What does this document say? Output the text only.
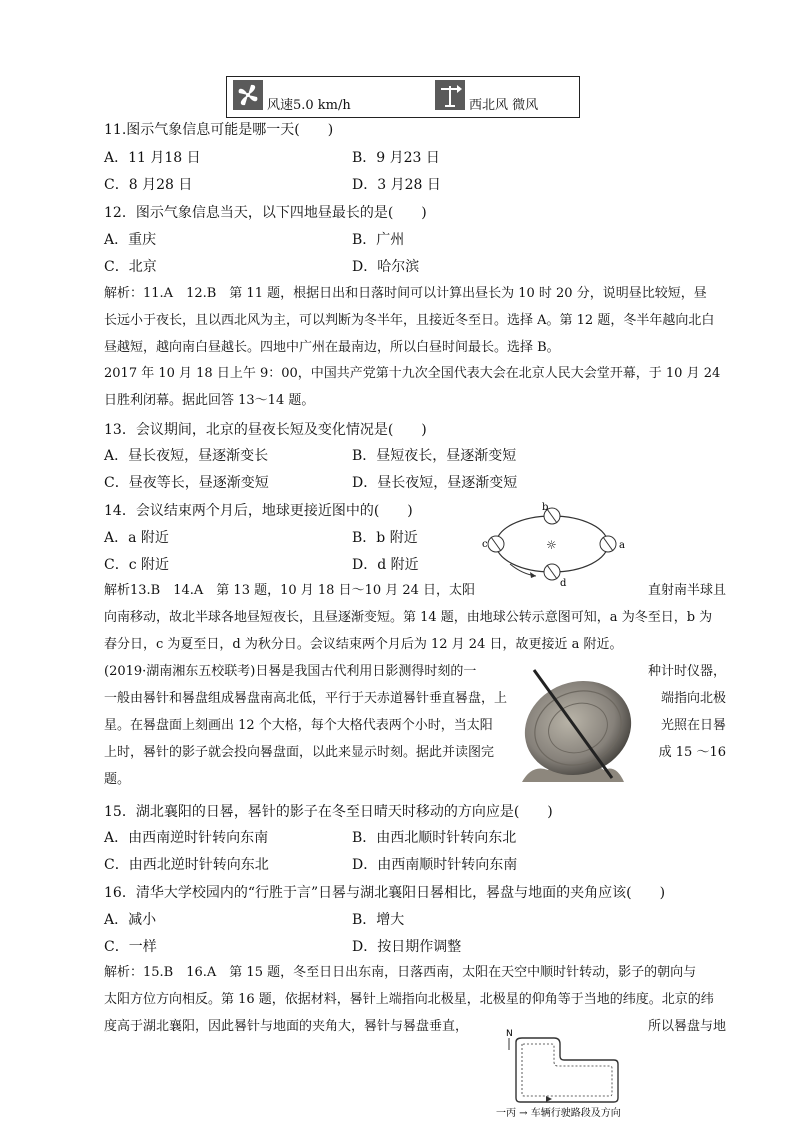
风速5.0 km/h	西北风 微风
11.图示气象信息可能是哪一天(　　)
A．11 月18 日	B．9 月23 日
C．8 月28 日	D．3 月28 日
12．图示气象信息当天，以下四地昼最长的是(　　)
A．重庆	B．广州
C．北京	D．哈尔滨
解析：11.A　12.B　第 11 题，根据日出和日落时间可以计算出昼长为 10 时 20 分，说明昼比较短，昼
长远小于夜长，且以西北风为主，可以判断为冬半年，且接近冬至日。选择 A。第 12 题，冬半年越向北白
昼越短，越向南白昼越长。四地中广州在最南边，所以白昼时间最长。选择 B。
2017 年 10 月 18 日上午 9：00，中国共产党第十九次全国代表大会在北京人民大会堂开幕，于 10 月 24
日胜利闭幕。据此回答 13～14 题。
13．会议期间，北京的昼夜长短及变化情况是(　　)
A．昼长夜短，昼逐渐变长	B．昼短夜长，昼逐渐变短
C．昼夜等长，昼逐渐变短	D．昼长夜短，昼逐渐变短
14．会议结束两个月后，地球更接近图中的(　　)
A．a 附近	B．b 附近
C．c 附近	D．d 附近
☼
b
d
c	a
解析13.B　14.A　第 13 题，10 月 18 日～10 月 24 日，太阳	直射南半球且
向南移动，故北半球各地昼短夜长，且昼逐渐变短。第 14 题，由地球公转示意图可知，a 为冬至日，b 为
春分日，c 为夏至日，d 为秋分日。会议结束两个月后为 12 月 24 日，故更接近 a 附近。
(2019·湖南湘东五校联考)日晷是我国古代利用日影测得时刻的一	种计时仪器，
一般由晷针和晷盘组成晷盘南高北低，平行于天赤道晷针垂直晷盘，上	端指向北极
星。在晷盘面上刻画出 12 个大格，每个大格代表两个小时，当太阳	光照在日晷
上时，晷针的影子就会投向晷盘面，以此来显示时刻。据此并读图完	成 15 ～16
题。
15．湖北襄阳的日晷，晷针的影子在冬至日晴天时移动的方向应是(　　)
A．由西南逆时针转向东南	B．由西北顺时针转向东北
C．由西北逆时针转向东北	D．由西南顺时针转向东南
16．清华大学校园内的“行胜于言”日晷与湖北襄阳日晷相比，晷盘与地面的夹角应该(　　)
A．减小	B．增大
C．一样	D．按日期作调整
解析：15.B　16.A　第 15 题，冬至日日出东南，日落西南，太阳在天空中顺时针转动，影子的朝向与
太阳方位方向相反。第 16 题，依据材料，晷针上端指向北极星，北极星的仰角等于当地的纬度。北京的纬
度高于湖北襄阳，因此晷针与地面的夹角大，晷针与晷盘垂直，	所以晷盘与地
N
一丙 → 车辆行驶路段及方向
